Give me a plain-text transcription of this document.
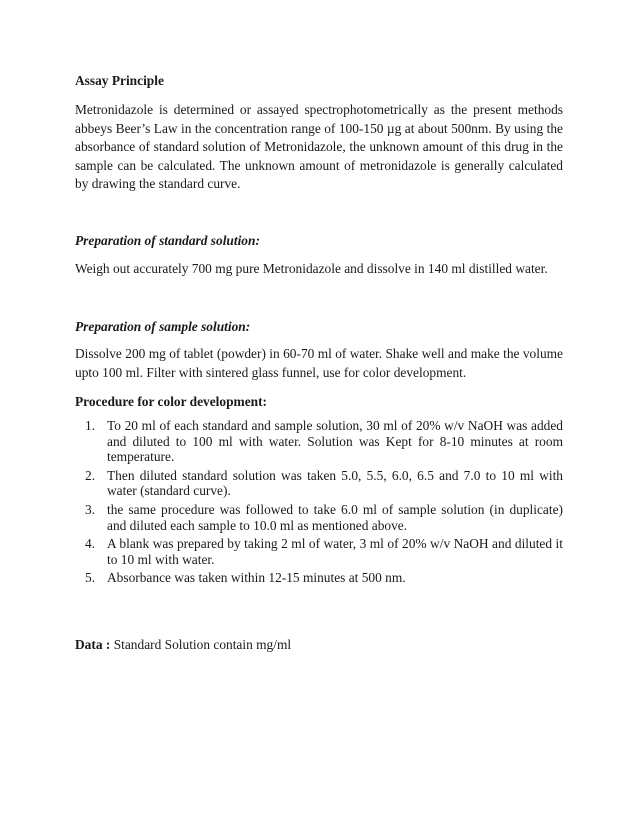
Assay Principle
Metronidazole is determined or assayed spectrophotometrically as the present methods abbeys Beer’s Law in the concentration range of 100-150 µg at about 500nm. By using the absorbance of standard solution of Metronidazole, the unknown amount of this drug in the sample can be calculated. The unknown amount of metronidazole is generally calculated by drawing the standard curve.
Preparation of standard solution:
Weigh out accurately 700 mg pure Metronidazole and dissolve in 140 ml distilled water.
Preparation of sample solution:
Dissolve 200 mg of tablet (powder) in 60-70 ml of water. Shake well and make the volume upto 100 ml. Filter with sintered glass funnel, use for color development.
Procedure for color development:
1. To 20 ml of each standard and sample solution, 30 ml of 20% w/v NaOH was added and diluted to 100 ml with water. Solution was Kept for 8-10 minutes at room temperature.
2. Then diluted standard solution was taken 5.0, 5.5, 6.0, 6.5 and 7.0 to 10 ml with water (standard curve).
3. the same procedure was followed to take 6.0 ml of sample solution (in duplicate) and diluted each sample to 10.0 ml as mentioned above.
4. A blank was prepared by taking 2 ml of water, 3 ml of 20% w/v NaOH and diluted it to 10 ml with water.
5. Absorbance was taken within 12-15 minutes at 500 nm.
Data : Standard Solution contain mg/ml
